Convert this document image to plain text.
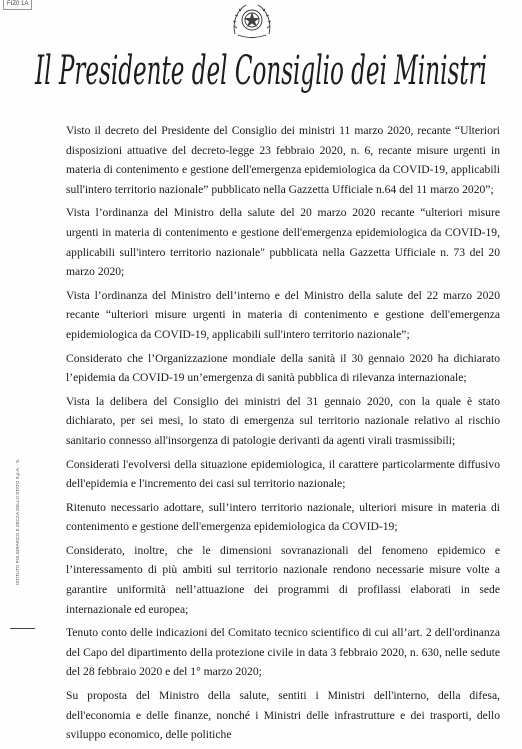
FIZ0 1A
Il Presidente del Consiglio dei Ministri
ISTITUTO POLIGRAFICO E ZECCA DELLO STATO S.p.A. - S.

Visto il decreto del Presidente del Consiglio dei ministri 11 marzo 2020, recante “Ulteriori disposizioni attuative del decreto-legge 23 febbraio 2020, n. 6, recante misure urgenti in materia di contenimento e gestione dell'emergenza epidemiologica da COVID-19, applicabili sull'intero territorio nazionale” pubblicato nella Gazzetta Ufficiale n.64 del 11 marzo 2020”;

Vista l’ordinanza del Ministro della salute del 20 marzo 2020 recante “ulteriori misure urgenti in materia di contenimento e gestione dell'emergenza epidemiologica da COVID-19, applicabili sull'intero territorio nazionale" pubblicata nella Gazzetta Ufficiale n. 73 del 20 marzo 2020;

Vista l’ordinanza del Ministro dell’interno e del Ministro della salute del 22 marzo 2020 recante “ulteriori misure urgenti in materia di contenimento e gestione dell'emergenza epidemiologica da COVID-19, applicabili sull'intero territorio nazionale”;

Considerato che l’Organizzazione mondiale della sanità il 30 gennaio 2020 ha dichiarato l’epidemia da COVID-19 un’emergenza di sanità pubblica di rilevanza internazionale;

Vista la delibera del Consiglio dei ministri del 31 gennaio 2020, con la quale è stato dichiarato, per sei mesi, lo stato di emergenza sul territorio nazionale relativo al rischio sanitario connesso all'insorgenza di patologie derivanti da agenti virali trasmissibili;

Considerati l'evolversi della situazione epidemiologica, il carattere particolarmente diffusivo dell'epidemia e l'incremento dei casi sul territorio nazionale;

Ritenuto necessario adottare, sull’intero territorio nazionale, ulteriori misure in materia di contenimento e gestione dell'emergenza epidemiologica da COVID-19;

Considerato, inoltre, che le dimensioni sovranazionali del fenomeno epidemico e l’interessamento di più ambiti sul territorio nazionale rendono necessarie misure volte a garantire uniformità nell’attuazione dei programmi di profilassi elaborati in sede internazionale ed europea;

Tenuto conto delle indicazioni del Comitato tecnico scientifico di cui all’art. 2 dell'ordinanza del Capo del dipartimento della protezione civile in data 3 febbraio 2020, n. 630, nelle sedute del 28 febbraio 2020 e del 1° marzo 2020;

Su proposta del Ministro della salute, sentiti i Ministri dell'interno, della difesa, dell'economia e delle finanze, nonché i Ministri delle infrastrutture e dei trasporti, dello sviluppo economico, delle politiche
